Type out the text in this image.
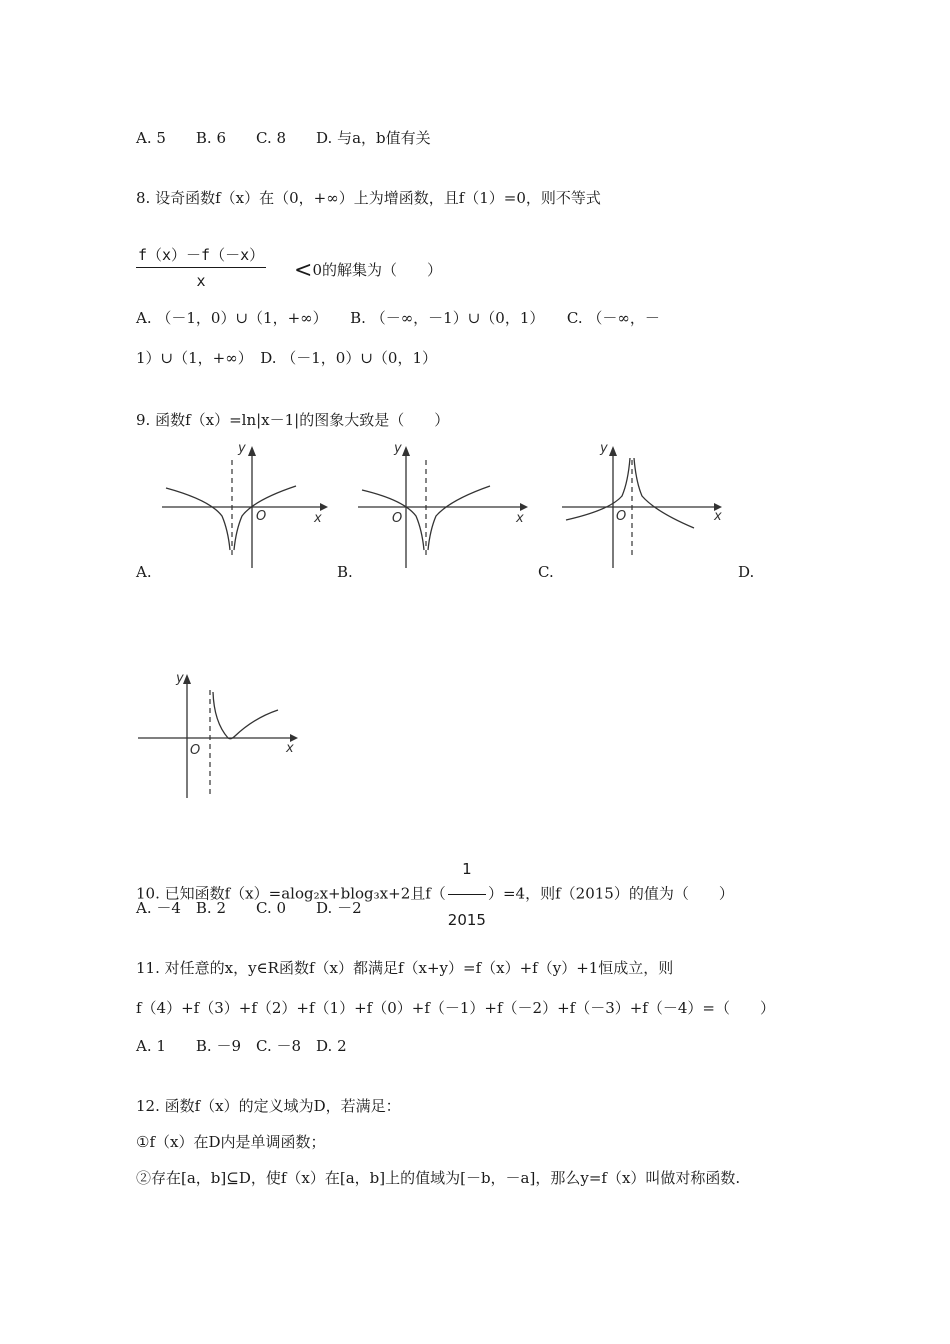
A. 5　　B. 6　　C. 8　　D. 与a，b值有关
8. 设奇函数f（x）在（0，+∞）上为增函数，且f（1）=0，则不等式
$\frac{f(x)-f(-x)}{x} <0$的解集为（　　）
A. （－1，0）∪（1，+∞）　　B. （－∞，－1）∪（0，1）　　C. （－∞，－
1）∪（1，+∞）　D. （－1，0）∪（0，1）
9. 函数f（x）=ln|x－1|的图象大致是（　　）
y
x
O
y
x
O
y
x
O
A.	B.	C.	D.
y
x
O
10. 已知函数f（x）=alog₂x+blog₃x+2且$f( \frac{1}{2015} )=4$，则f（2015）的值为（　　）
A. －4　B. 2　　C. 0　　D. －2
11. 对任意的x，y∈R函数f（x）都满足f（x+y）=f（x）+f（y）+1恒成立，则
f（4）+f（3）+f（2）+f（1）+f（0）+f（－1）+f（－2）+f（－3）+f（－4）=（　　）
A. 1　　B. －9　C. －8　D. 2
12. 函数f（x）的定义域为D，若满足：
①f（x）在D内是单调函数；
②存在[a，b]⊆D，使f（x）在[a，b]上的值域为[－b，－a]，那么y=f（x）叫做对称函数.
